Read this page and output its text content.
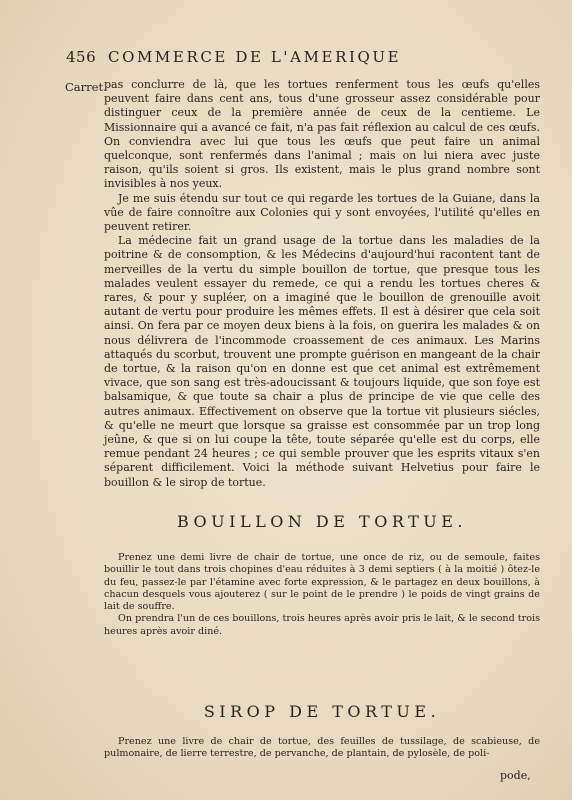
456 COMMERCE DE L'AMERIQUE
Carret.

pas conclurre de là, que les tortues renferment tous les œufs qu'elles peuvent faire dans cent ans, tous d'une grosseur assez considérable pour distinguer ceux de la première année de ceux de la centieme. Le Missionnaire qui a avancé ce fait, n'a pas fait réflexion au calcul de ces œufs. On conviendra avec lui que tous les œufs que peut faire un animal quelconque, sont renfermés dans l'animal ; mais on lui niera avec juste raison, qu'ils soient si gros. Ils existent, mais le plus grand nombre sont invisibles à nos yeux.

Je me suis étendu sur tout ce qui regarde les tortues de la Guiane, dans la vûe de faire connoître aux Colonies qui y sont envoyées, l'utilité qu'elles en peuvent retirer.

La médecine fait un grand usage de la tortue dans les maladies de la poitrine & de consomption, & les Médecins d'aujourd'hui racontent tant de merveilles de la vertu du simple bouillon de tortue, que presque tous les malades veulent essayer du remede, ce qui a rendu les tortues cheres & rares, & pour y supléer, on a imaginé que le bouillon de grenouille avoit autant de vertu pour produire les mêmes effets. Il est à désirer que cela soit ainsi. On fera par ce moyen deux biens à la fois, on guerira les malades & on nous délivrera de l'incommode croassement de ces animaux. Les Marins attaqués du scorbut, trouvent une prompte guérison en mangeant de la chair de tortue, & la raison qu'on en donne est que cet animal est extrêmement vivace, que son sang est très-adoucissant & toujours liquide, que son foye est balsamique, & que toute sa chair a plus de principe de vie que celle des autres animaux. Effectivement on observe que la tortue vit plusieurs siécles, & qu'elle ne meurt que lorsque sa graisse est consommée par un trop long jeûne, & que si on lui coupe la tête, toute séparée qu'elle est du corps, elle remue pendant 24 heures ; ce qui semble prouver que les esprits vitaux s'en séparent difficilement. Voici la méthode suivant Helvetius pour faire le bouillon & le sirop de tortue.

BOUILLON DE TORTUE.

Prenez une demi livre de chair de tortue, une once de riz, ou de semoule, faites bouillir le tout dans trois chopines d'eau réduites à 3 demi septiers ( à la moitié ) ôtez-le du feu, passez-le par l'étamine avec forte expression, & le partagez en deux bouillons, à chacun desquels vous ajouterez ( sur le point de le prendre ) le poids de vingt grains de lait de souffre.

On prendra l'un de ces bouillons, trois heures après avoir pris le lait, & le second trois heures après avoir diné.

SIROP DE TORTUE.

Prenez une livre de chair de tortue, des feuilles de tussilage, de scabieuse, de pulmonaire, de lierre terrestre, de pervanche, de plantain, de pylosèle, de poli-

pode,
